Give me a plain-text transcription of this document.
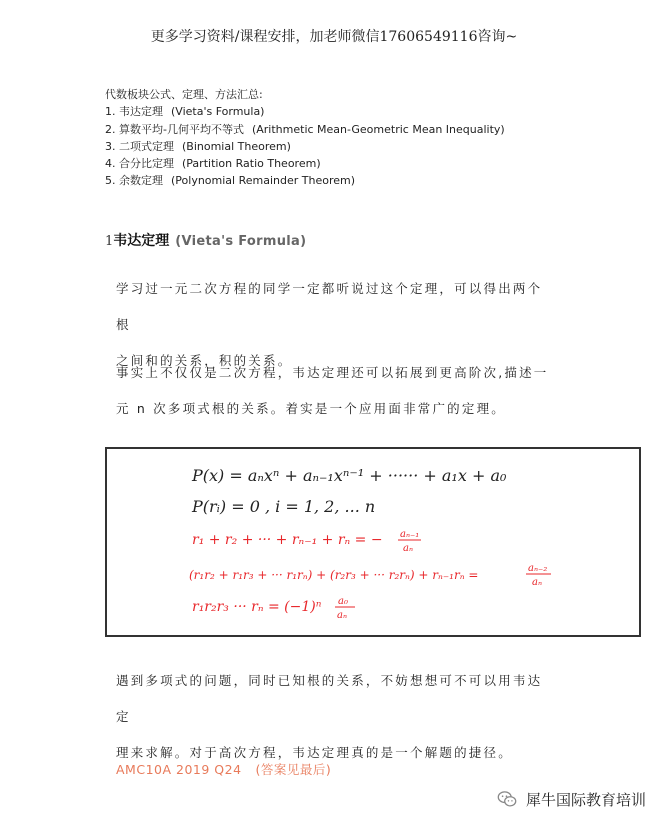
更多学习资料/课程安排，加老师微信17606549116咨询~
代数板块公式、定理、方法汇总:
1. 韦达定理 (Vieta's Formula)
2. 算数平均-几何平均不等式 (Arithmetic Mean-Geometric Mean Inequality)
3. 二项式定理 (Binomial Theorem)
4. 合分比定理 (Partition Ratio Theorem)
5. 余数定理 (Polynomial Remainder Theorem)
1韦达定理 (Vieta's Formula)
学习过一元二次方程的同学一定都听说过这个定理，可以得出两个根
之间和的关系，积的关系。
事实上不仅仅是二次方程，韦达定理还可以拓展到更高阶次,描述一
元 n 次多项式根的关系。着实是一个应用面非常广的定理。
P(x) = aₙxⁿ + aₙ₋₁xⁿ⁻¹ + ······ + a₁x + a₀
P(rᵢ) = 0 , i = 1, 2, ... n
r₁ + r₂ + ··· + rₙ₋₁ + rₙ = − aₙ₋₁
aₙ
(r₁r₂ + r₁r₃ + ··· r₁rₙ) + (r₂r₃ + ··· r₂rₙ) + rₙ₋₁rₙ =	aₙ₋₂
aₙ
r₁r₂r₃ ··· rₙ = (−1)ⁿ a₀
aₙ
遇到多项式的问题，同时已知根的关系，不妨想想可不可以用韦达定
理来求解。对于高次方程，韦达定理真的是一个解题的捷径。
AMC10A 2019 Q24 (答案见最后)
犀牛国际教育培训
